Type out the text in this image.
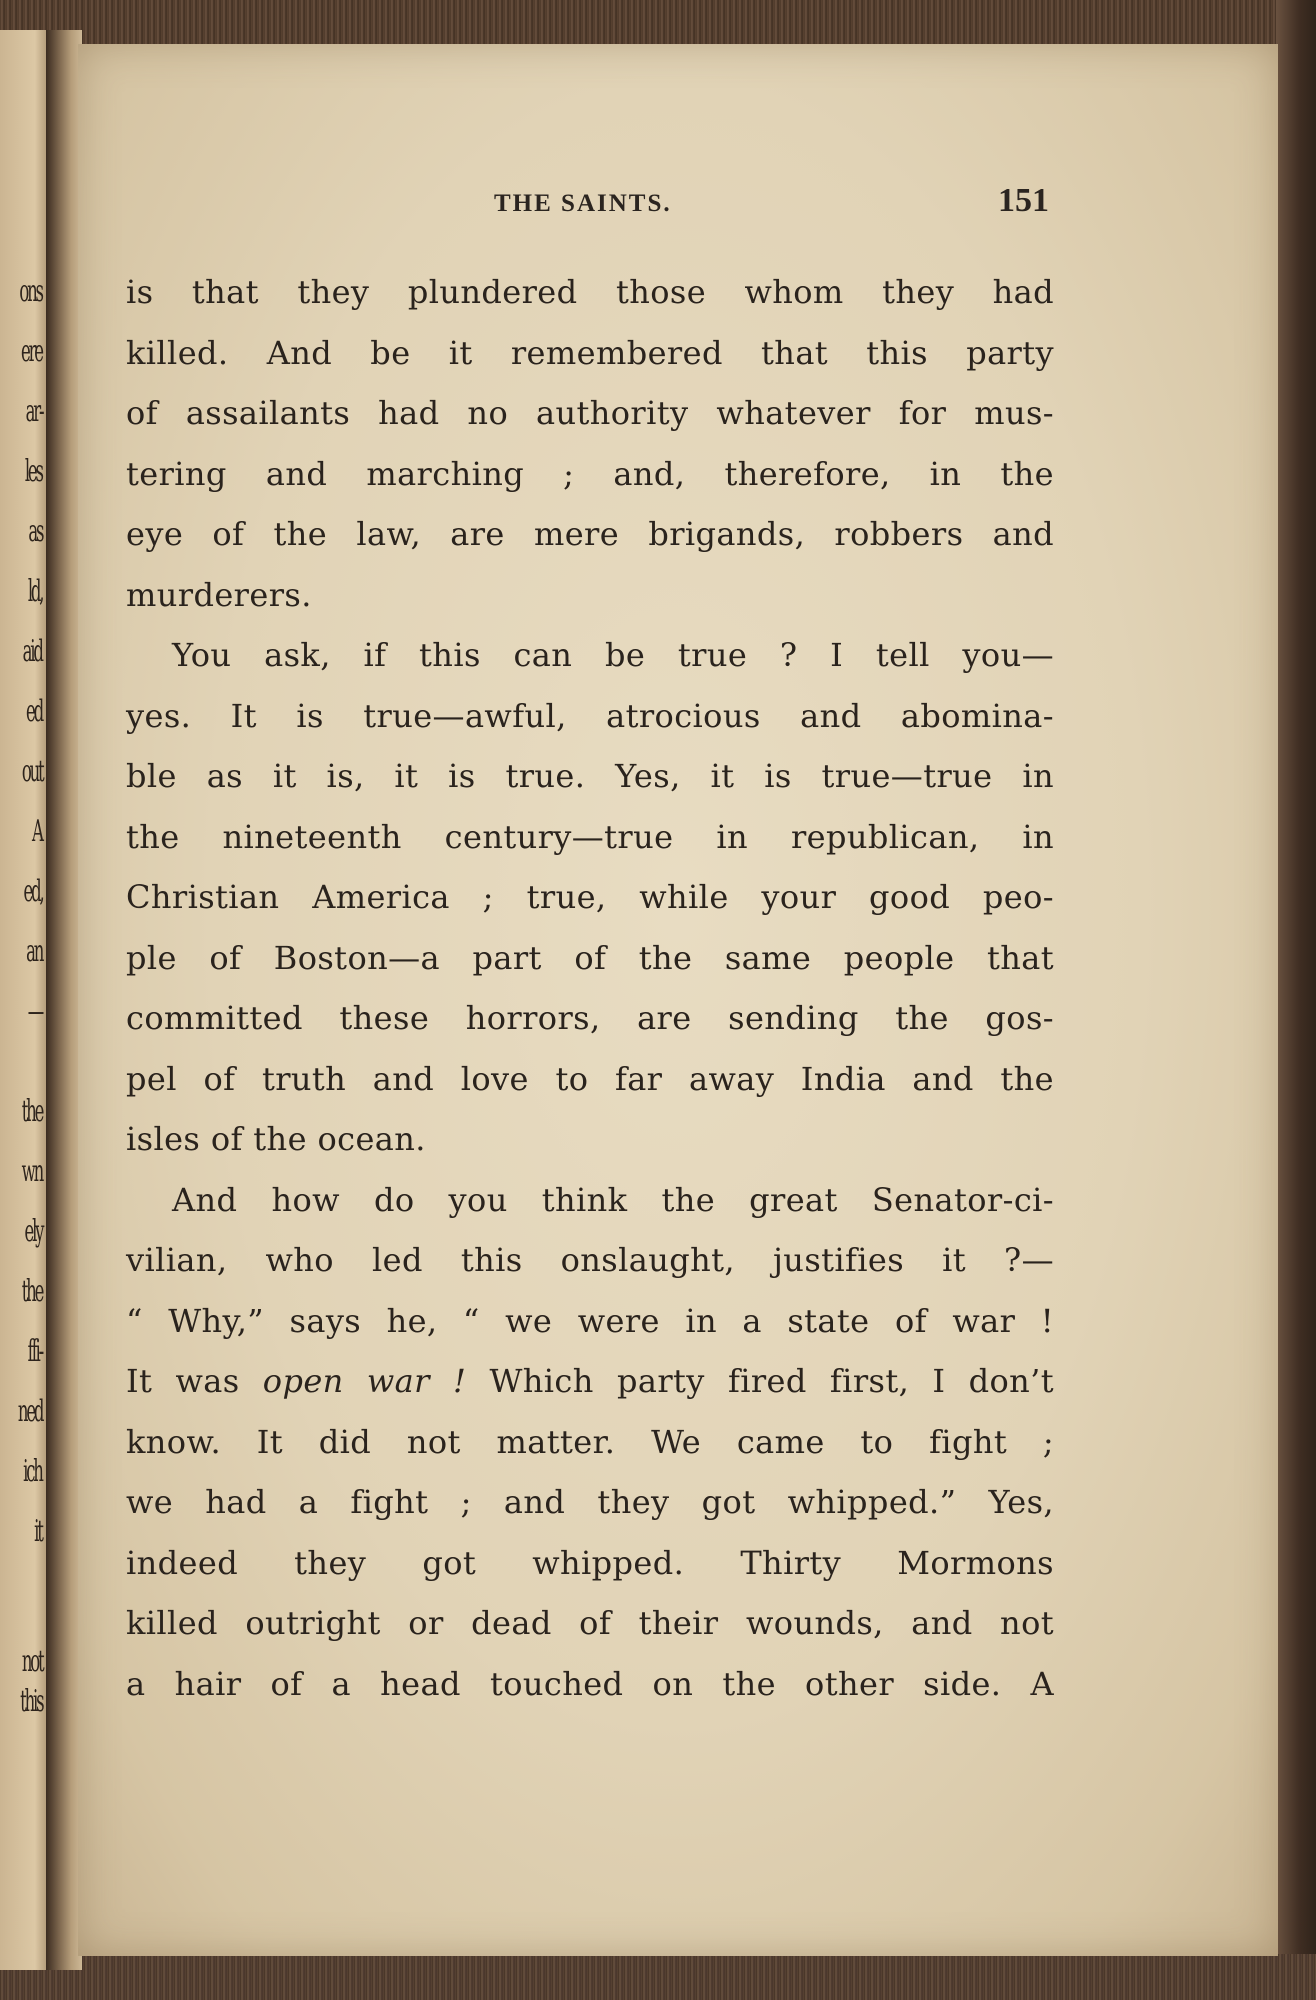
ons
ere
ar-
les
as
ld,
aid
ed
out
A
ed,
an
—
the
wn
ely
the
ffi-
ned
ich
it
not
this
THE SAINTS.	151

is that they plundered those whom they had
killed. And be it remembered that this party
of assailants had no authority whatever for mus-
tering and marching ; and, therefore, in the
eye of the law, are mere brigands, robbers and
murderers.

You ask, if this can be true ? I tell you—
yes. It is true—awful, atrocious and abomina-
ble as it is, it is true. Yes, it is true—true in
the nineteenth century—true in republican, in
Christian America ; true, while your good peo-
ple of Boston—a part of the same people that
committed these horrors, are sending the gos-
pel of truth and love to far away India and the
isles of the ocean.

And how do you think the great Senator-ci-
vilian, who led this onslaught, justifies it ?—
“ Why,” says he, “ we were in a state of war !
It was open war ! Which party fired first, I don’t
know. It did not matter. We came to fight ;
we had a fight ; and they got whipped.” Yes,
indeed they got whipped. Thirty Mormons
killed outright or dead of their wounds, and not
a hair of a head touched on the other side. A
